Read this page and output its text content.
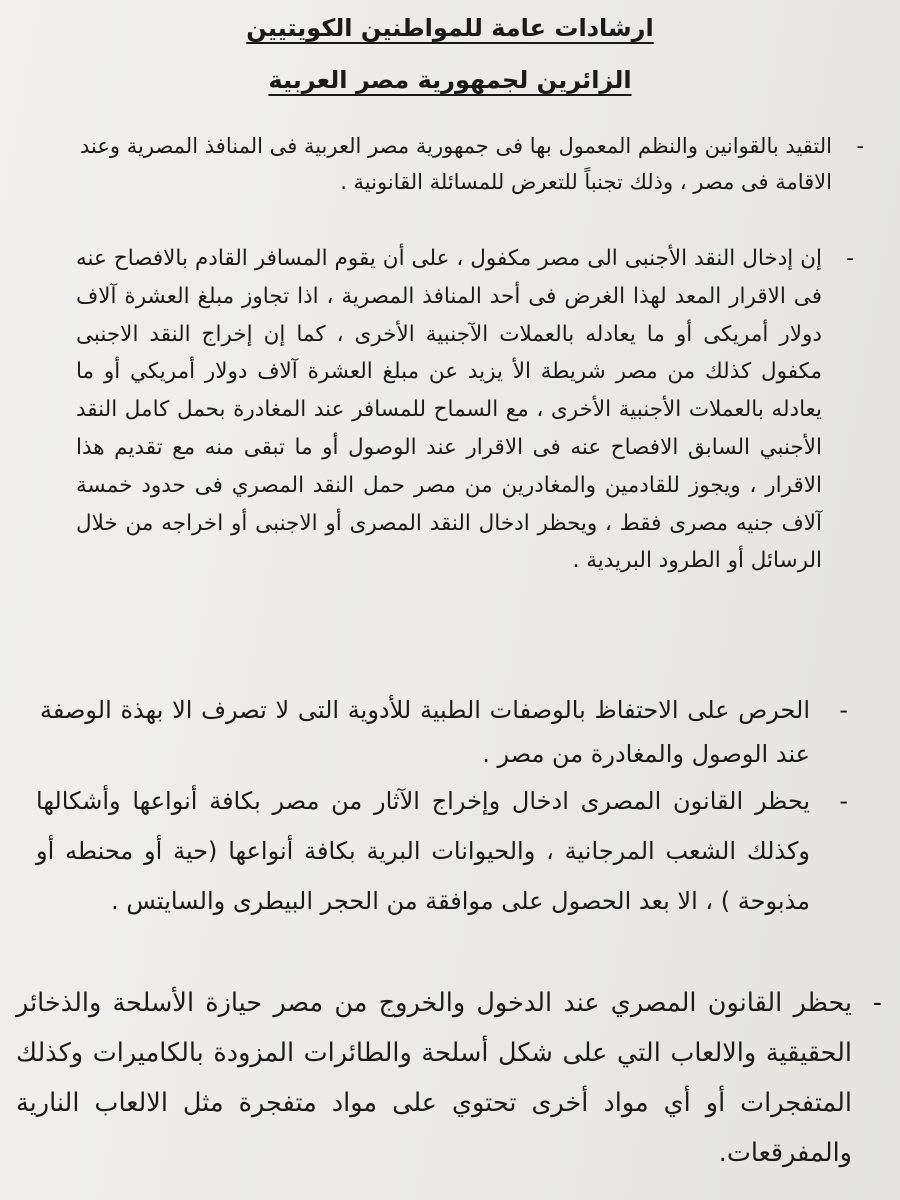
ارشادات عامة للمواطنين الكويتيين
الزائرين لجمهورية مصر العربية
-
التقيد بالقوانين والنظم المعمول بها فى جمهورية مصر العربية فى المنافذ المصرية وعند الاقامة فى مصر ، وذلك تجنباً للتعرض للمسائلة القانونية .
-
إن إدخال النقد الأجنبى الى مصر مكفول ، على أن يقوم المسافر القادم بالافصاح عنه فى الاقرار المعد لهذا الغرض فى أحد المنافذ المصرية ، اذا تجاوز مبلغ العشرة آلاف دولار أمريكى أو ما يعادله بالعملات الآجنبية الأخرى ، كما إن إخراج النقد الاجنبى مكفول كذلك من مصر شريطة الأ يزيد عن مبلغ العشرة آلاف دولار أمريكي أو ما يعادله بالعملات الأجنبية الأخرى ، مع السماح للمسافر عند المغادرة بحمل كامل النقد الأجنبي السابق الافصاح عنه فى الاقرار عند الوصول أو ما تبقى منه مع تقديم هذا الاقرار ، ويجوز للقادمين والمغادرين من مصر حمل النقد المصري فى حدود خمسة آلاف جنيه مصرى فقط ، ويحظر ادخال النقد المصرى أو الاجنبى أو اخراجه من خلال الرسائل أو الطرود البريدية .
-
الحرص على الاحتفاظ بالوصفات الطبية للأدوية التى لا تصرف الا بهذة الوصفة عند الوصول والمغادرة من مصر .
-
يحظر القانون المصرى ادخال وإخراج الآثار من مصر بكافة أنواعها وأشكالها وكذلك الشعب المرجانية ، والحيوانات البرية بكافة أنواعها (حية أو محنطه أو مذبوحة ) ، الا بعد الحصول على موافقة من الحجر البيطرى والسايتس .
-
يحظر القانون المصري عند الدخول والخروج من مصر حيازة الأسلحة والذخائر الحقيقية والالعاب التي على شكل أسلحة والطائرات المزودة بالكاميرات وكذلك المتفجرات أو أي مواد أخرى تحتوي على مواد متفجرة مثل الالعاب النارية والمفرقعات.
